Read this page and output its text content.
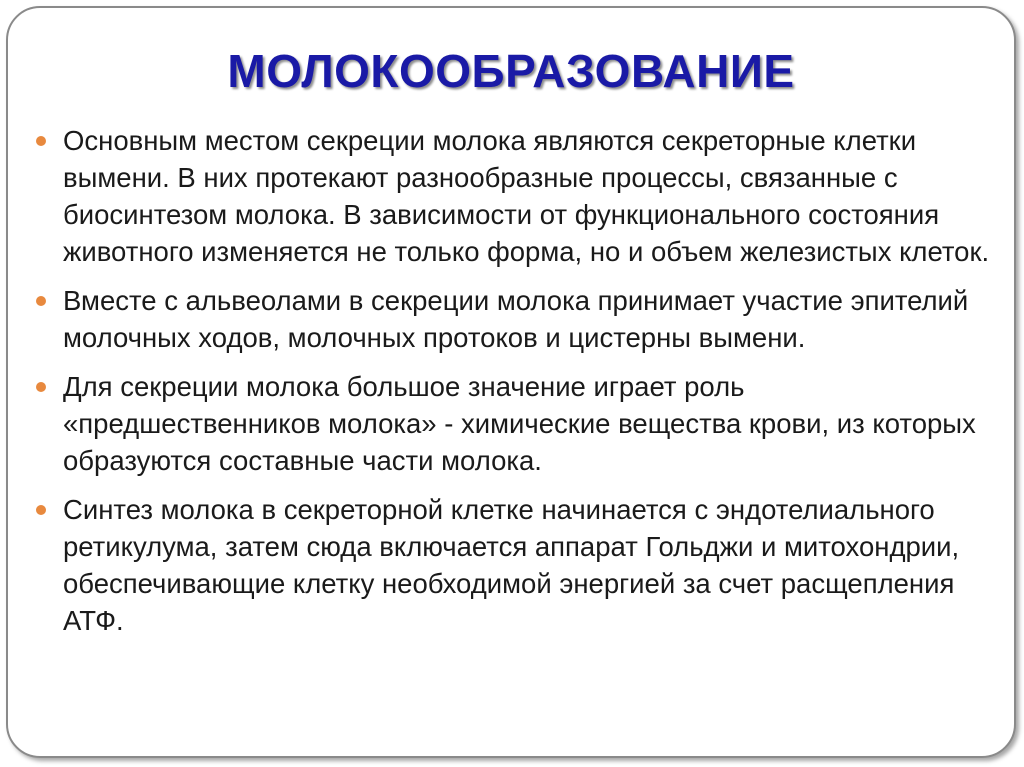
МОЛОКООБРАЗОВАНИЕ
Основным местом секреции молока являются секреторные клетки вымени. В них протекают разнообразные процессы, связанные с биосинтезом молока. В зависимости от функционального состояния животного изменяется не только форма, но и объем железистых клеток.
Вместе с альвеолами в секреции молока принимает участие эпителий молочных ходов, молочных протоков и цистерны вымени.
Для секреции молока большое значение играет роль «предшественников молока» - химические вещества крови, из которых образуются составные части молока.
Синтез молока в секреторной клетке начинается с эндотелиального ретикулума, затем сюда включается аппарат Гольджи и митохондрии, обеспечивающие клетку необходимой энергией за счет расщепления АТФ.
